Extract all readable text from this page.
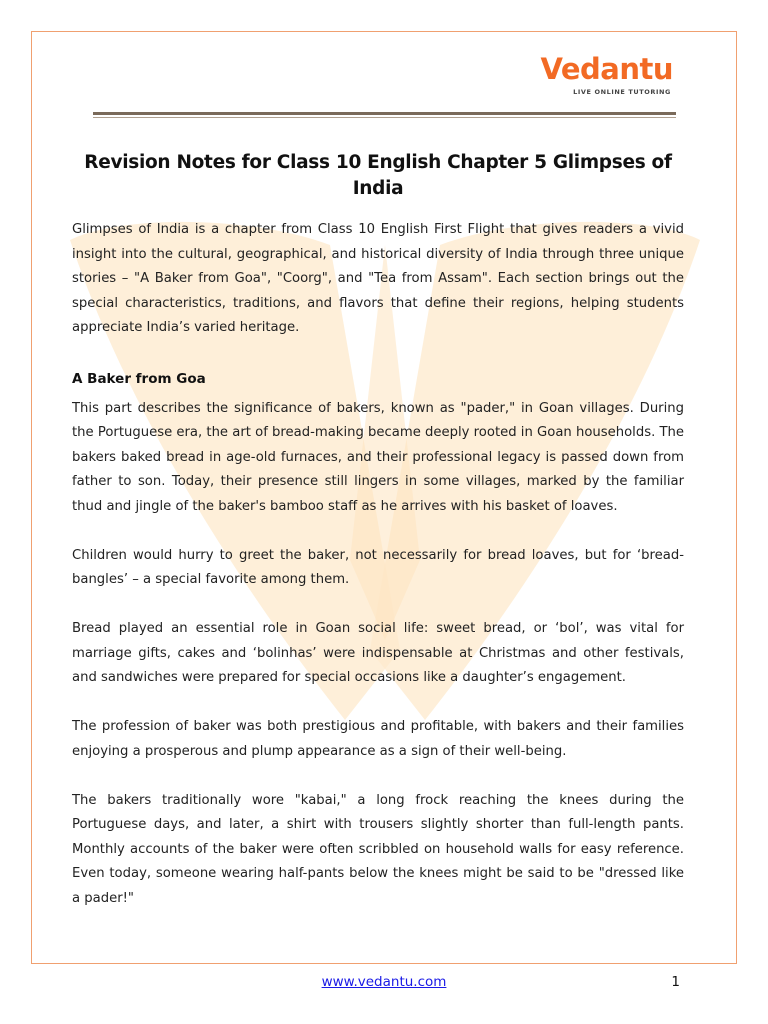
Vedantu
LIVE ONLINE TUTORING
Revision Notes for Class 10 English Chapter 5 Glimpses of India

Glimpses of India is a chapter from Class 10 English First Flight that gives readers a vivid insight into the cultural, geographical, and historical diversity of India through three unique stories – "A Baker from Goa", "Coorg", and "Tea from Assam". Each section brings out the special characteristics, traditions, and flavors that define their regions, helping students appreciate India’s varied heritage.

A Baker from Goa

This part describes the significance of bakers, known as "pader," in Goan villages. During the Portuguese era, the art of bread-making became deeply rooted in Goan households. The bakers baked bread in age-old furnaces, and their professional legacy is passed down from father to son. Today, their presence still lingers in some villages, marked by the familiar thud and jingle of the baker's bamboo staff as he arrives with his basket of loaves.

Children would hurry to greet the baker, not necessarily for bread loaves, but for ‘bread-bangles’ – a special favorite among them.

Bread played an essential role in Goan social life: sweet bread, or ‘bol’, was vital for marriage gifts, cakes and ‘bolinhas’ were indispensable at Christmas and other festivals, and sandwiches were prepared for special occasions like a daughter’s engagement.

The profession of baker was both prestigious and profitable, with bakers and their families enjoying a prosperous and plump appearance as a sign of their well-being.

The bakers traditionally wore "kabai," a long frock reaching the knees during the Portuguese days, and later, a shirt with trousers slightly shorter than full-length pants. Monthly accounts of the baker were often scribbled on household walls for easy reference. Even today, someone wearing half-pants below the knees might be said to be "dressed like a pader!"

www.vedantu.com	1
